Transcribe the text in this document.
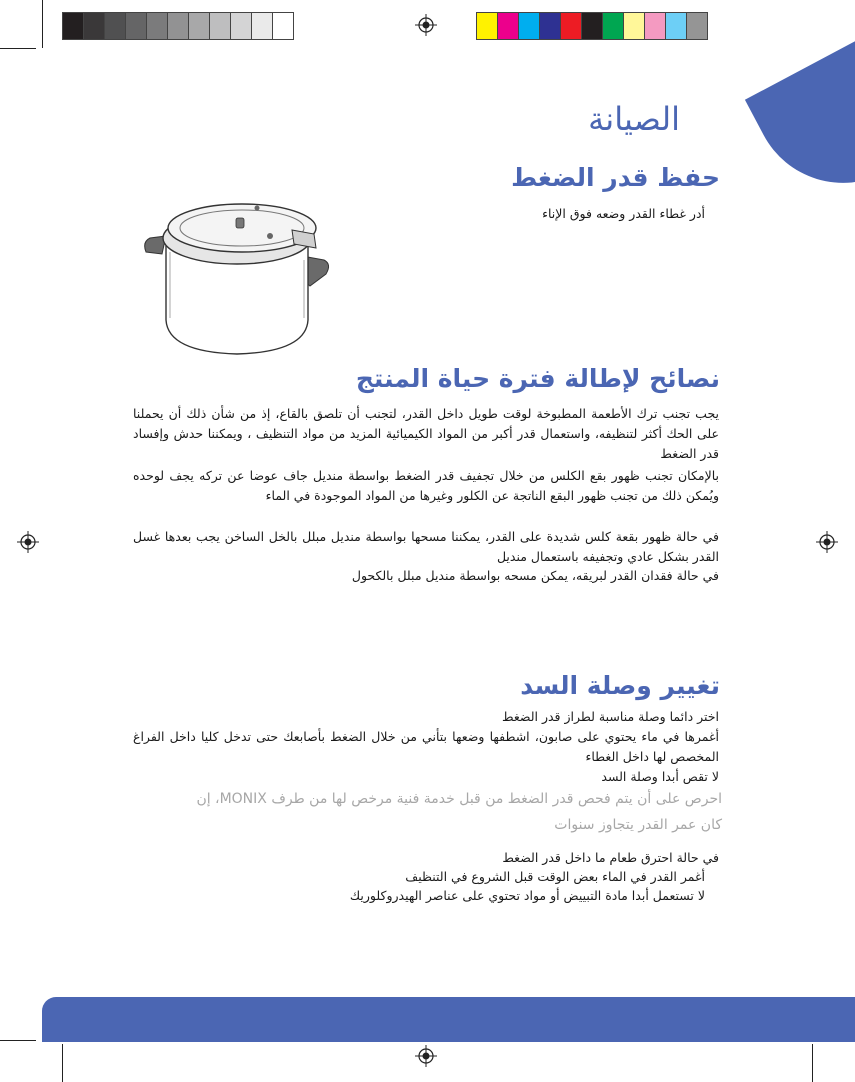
الصيانة
حفظ قدر الضغط
أدر غطاء القدر وضعه فوق الإناء
نصائح لإطالة فترة حياة المنتج
يجب تجنب ترك الأطعمة المطبوخة لوقت طويل داخل القدر، لتجنب أن تلصق بالقاع، إذ من شأن ذلك أن يحملنا على الحك أكثر لتنظيفه، واستعمال قدر أكبر من المواد الكيميائية المزيد من مواد التنظيف ، ويمكننا حدش وإفساد قدر الضغط
بالإمكان تجنب ظهور بقع الكلس من خلال تجفيف قدر الضغط بواسطة منديل جاف عوضا عن تركه يجف لوحده ويُمكن ذلك من تجنب ظهور البقع الناتجة عن الكلور وغيرها من المواد الموجودة في الماء
في حالة ظهور بقعة كلس شديدة على القدر، يمكننا مسحها بواسطة منديل مبلل بالخل الساخن يجب بعدها غسل القدر بشكل عادي وتجفيفه باستعمال منديل
في حالة فقدان القدر لبريقه، يمكن مسحه بواسطة منديل مبلل بالكحول
تغيير وصلة السد
اختر دائما وصلة مناسبة لطراز قدر الضغط
أغمرها في ماء يحتوي على صابون، اشطفها وضعها بتأني من خلال الضغط بأصابعك حتى تدخل كليا داخل الفراغ المخصص لها داخل الغطاء
لا تقص أبدا وصلة السد
احرص على أن يتم فحص قدر الضغط من قبل خدمة فنية مرخص لها من طرف MONIX، إن
كان عمر القدر يتجاوز سنوات
في حالة احترق طعام ما داخل قدر الضغط
أغمر القدر في الماء بعض الوقت قبل الشروع في التنظيف
لا تستعمل أبدا مادة التبييض أو مواد تحتوي على عناصر الهيدروكلوريك
